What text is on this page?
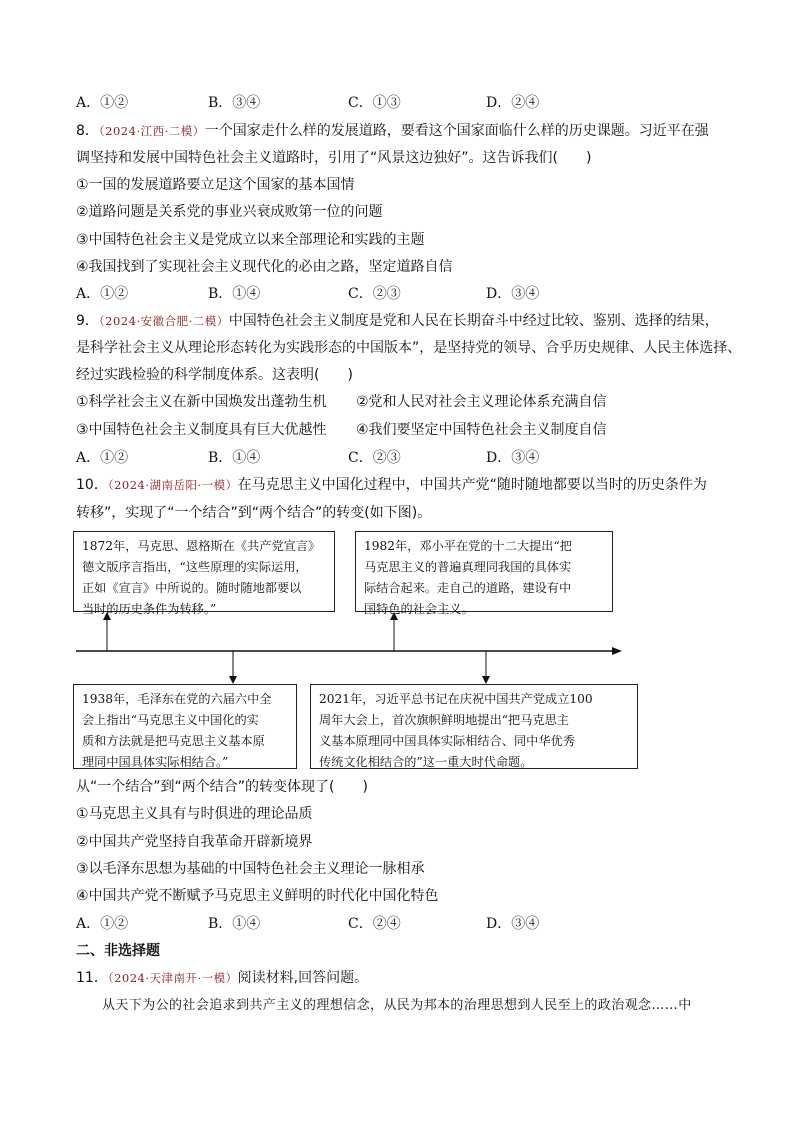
A．①②	B．③④	C．①③	D．②④
8．（2024·江西·二模）一个国家走什么样的发展道路，要看这个国家面临什么样的历史课题。习近平在强
调坚持和发展中国特色社会主义道路时，引用了“风景这边独好”。这告诉我们(　　)
①一国的发展道路要立足这个国家的基本国情
②道路问题是关系党的事业兴衰成败第一位的问题
③中国特色社会主义是党成立以来全部理论和实践的主题
④我国找到了实现社会主义现代化的必由之路，坚定道路自信
A．①②	B．①④	C．②③	D．③④
9．（2024·安徽合肥·二模）中国特色社会主义制度是党和人民在长期奋斗中经过比较、鉴别、选择的结果，
是科学社会主义从理论形态转化为实践形态的中国版本”，是坚持党的领导、合乎历史规律、人民主体选择、
经过实践检验的科学制度体系。这表明(　　)
①科学社会主义在新中国焕发出蓬勃生机 ②党和人民对社会主义理论体系充满自信
③中国特色社会主义制度具有巨大优越性 ④我们要坚定中国特色社会主义制度自信
A．①②	B．①④	C．②③	D．③④
10．（2024·湖南岳阳·一模）在马克思主义中国化过程中，中国共产党“随时随地都要以当时的历史条件为
转移”，实现了“一个结合”到“两个结合”的转变(如下图)。
1872年，马克思、恩格斯在《共产党宣言》
德文版序言指出，“这些原理的实际运用，
正如《宣言》中所说的。随时随地都要以
当时的历史条件为转移。”
1982年，邓小平在党的十二大提出“把
马克思主义的普遍真理同我国的具体实
际结合起来。走自己的道路，建设有中
国特色的社会主义。
1938年，毛泽东在党的六届六中全
会上指出“马克思主义中国化的实
质和方法就是把马克思主义基本原
理同中国具体实际相结合。”
2021年，习近平总书记在庆祝中国共产党成立100
周年大会上，首次旗帜鲜明地提出“把马克思主
义基本原理同中国具体实际相结合、同中华优秀
传统文化相结合的”这一重大时代命题。
从“一个结合”到“两个结合”的转变体现了(　　)
①马克思主义具有与时俱进的理论品质
②中国共产党坚持自我革命开辟新境界
③以毛泽东思想为基础的中国特色社会主义理论一脉相承
④中国共产党不断赋予马克思主义鲜明的时代化中国化特色
A．①②	B．①④	C．②④	D．③④
二、非选择题
11．（2024·天津南开·一模）阅读材料,回答问题。
从天下为公的社会追求到共产主义的理想信念，从民为邦本的治理思想到人民至上的政治观念……中
